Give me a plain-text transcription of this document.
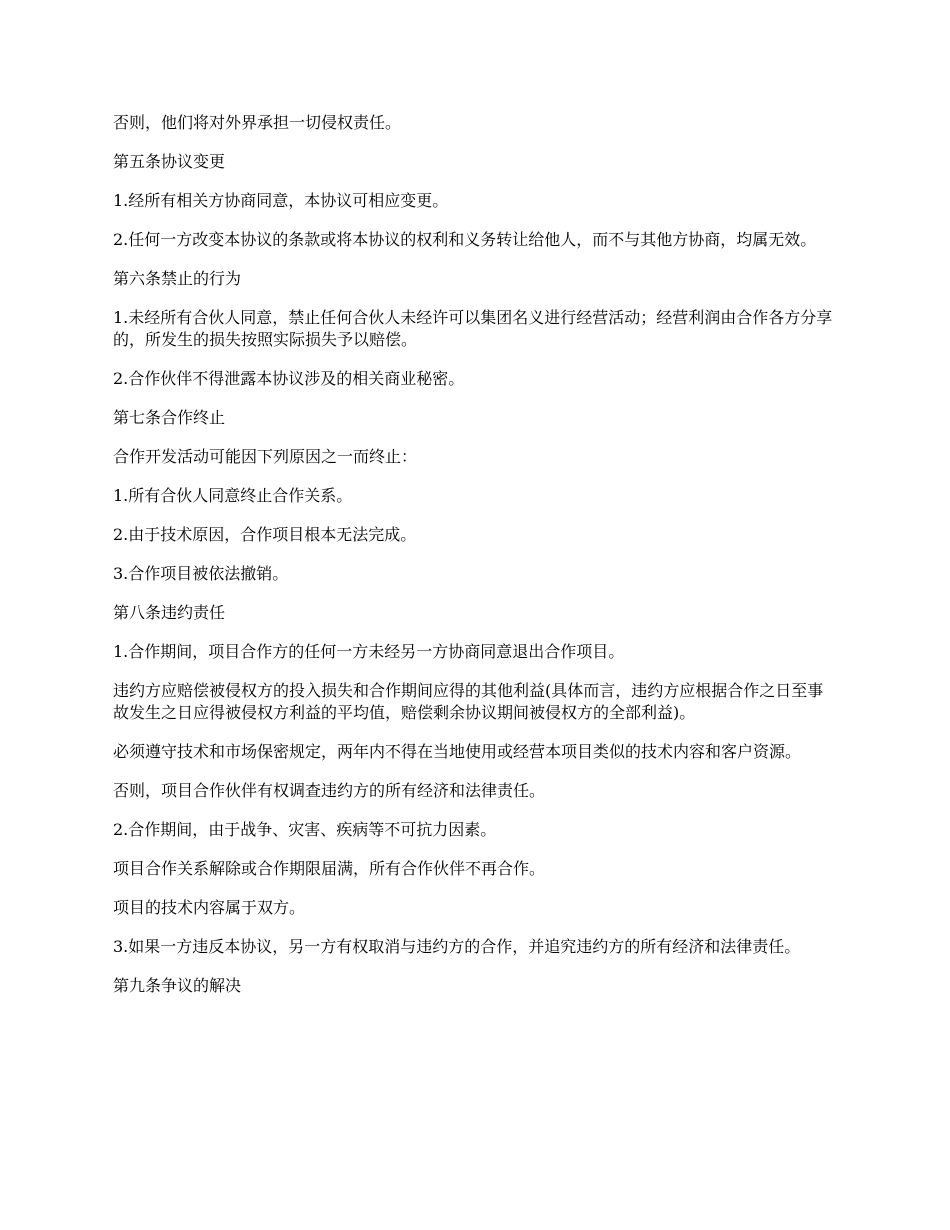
否则，他们将对外界承担一切侵权责任。

第五条协议变更

1.经所有相关方协商同意，本协议可相应变更。

2.任何一方改变本协议的条款或将本协议的权利和义务转让给他人，而不与其他方协商，均属无效。

第六条禁止的行为

1.未经所有合伙人同意，禁止任何合伙人未经许可以集团名义进行经营活动；经营利润由合作各方分享的，所发生的损失按照实际损失予以赔偿。

2.合作伙伴不得泄露本协议涉及的相关商业秘密。

第七条合作终止

合作开发活动可能因下列原因之一而终止：

1.所有合伙人同意终止合作关系。

2.由于技术原因，合作项目根本无法完成。

3.合作项目被依法撤销。

第八条违约责任

1.合作期间，项目合作方的任何一方未经另一方协商同意退出合作项目。

违约方应赔偿被侵权方的投入损失和合作期间应得的其他利益(具体而言，违约方应根据合作之日至事故发生之日应得被侵权方利益的平均值，赔偿剩余协议期间被侵权方的全部利益)。

必须遵守技术和市场保密规定，两年内不得在当地使用或经营本项目类似的技术内容和客户资源。

否则，项目合作伙伴有权调查违约方的所有经济和法律责任。

2.合作期间，由于战争、灾害、疾病等不可抗力因素。

项目合作关系解除或合作期限届满，所有合作伙伴不再合作。

项目的技术内容属于双方。

3.如果一方违反本协议，另一方有权取消与违约方的合作，并追究违约方的所有经济和法律责任。

第九条争议的解决
